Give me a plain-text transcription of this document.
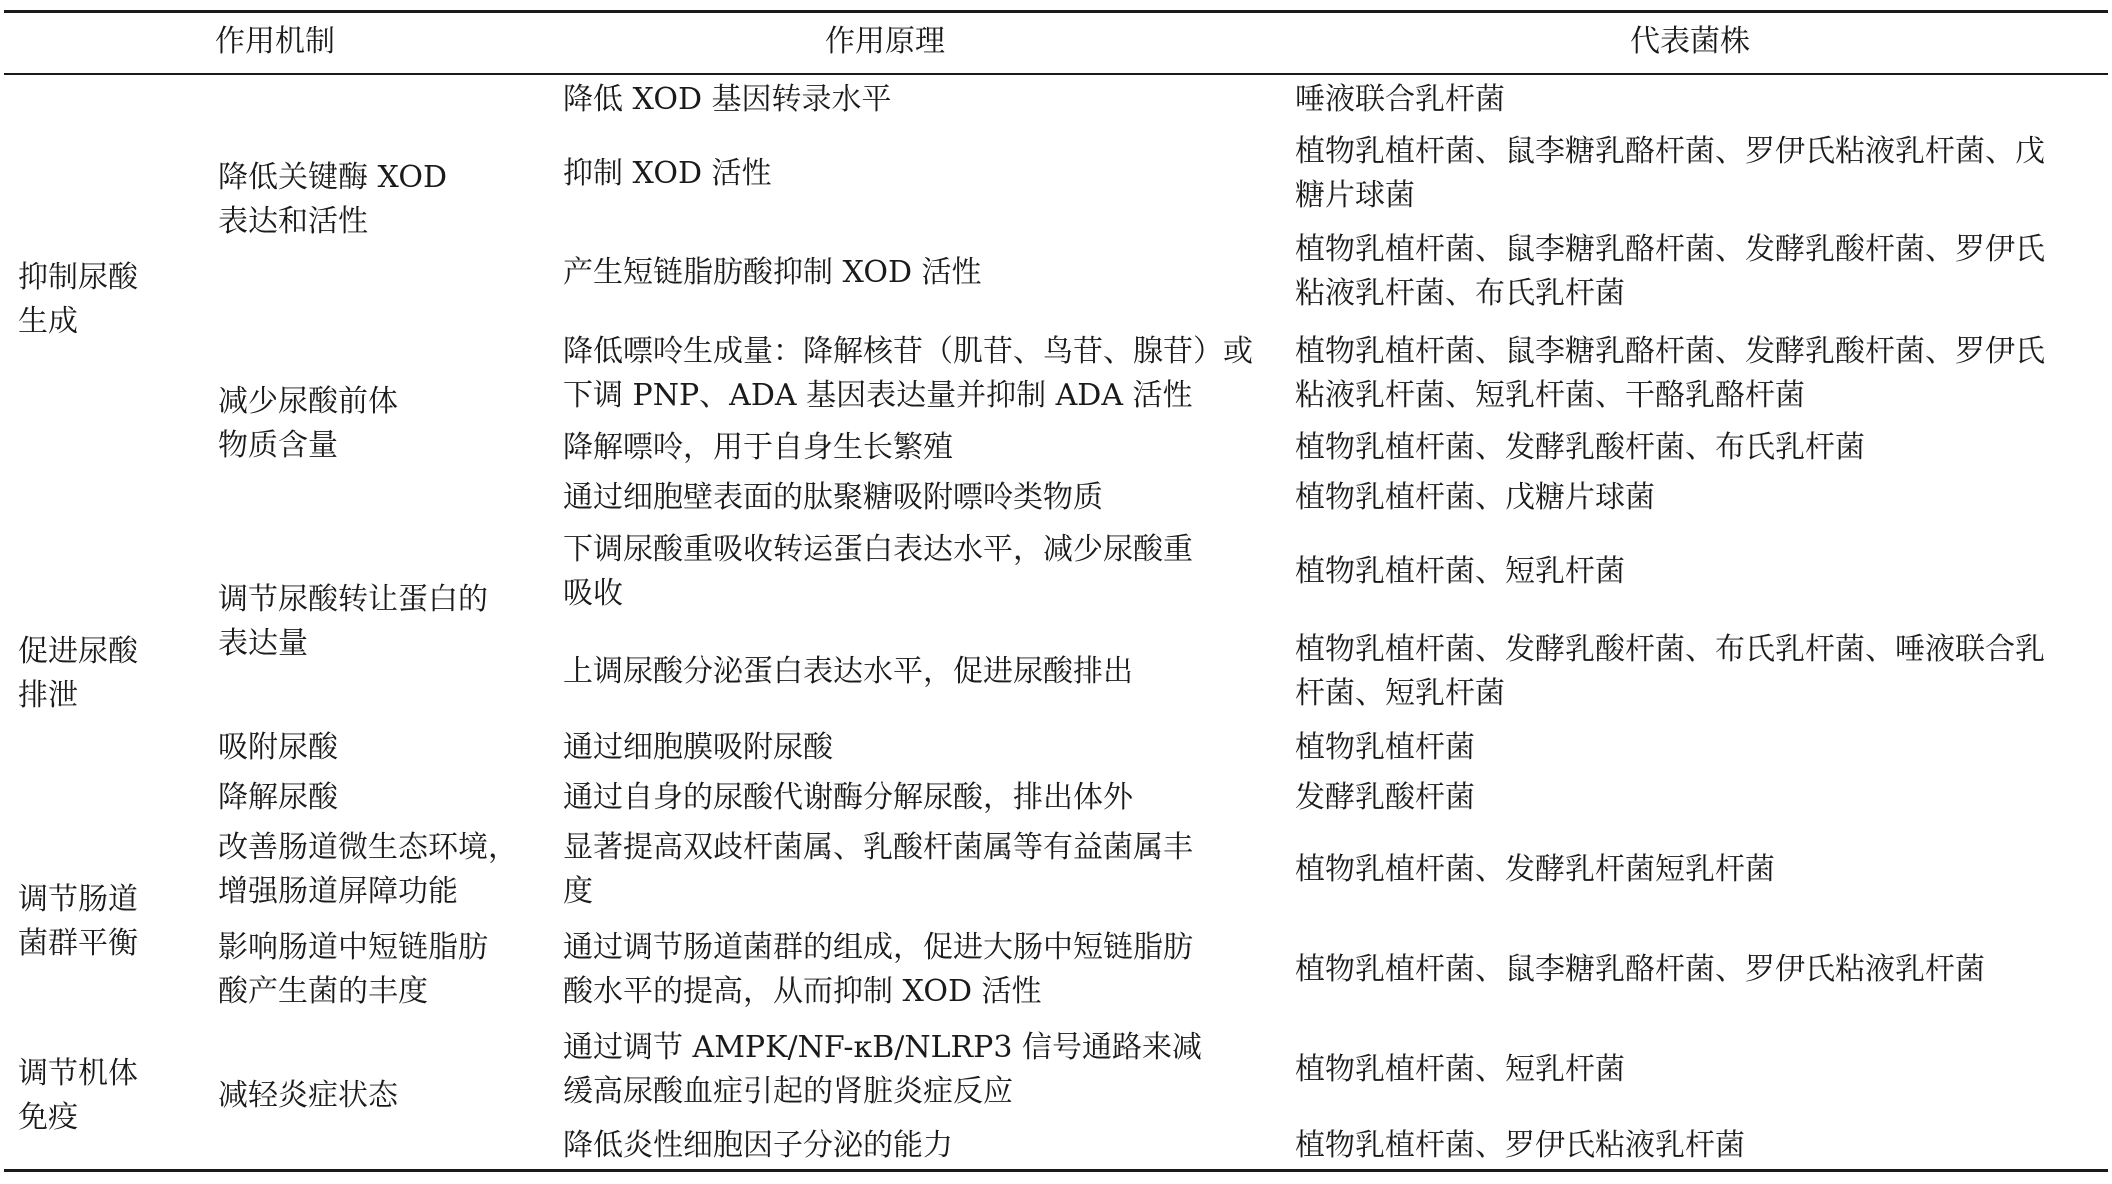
作用机制	作用原理	代表菌株

抑制尿酸

生成

促进尿酸

排泄

调节肠道

菌群平衡

调节机体

免疫

降低关键酶 XOD

表达和活性

减少尿酸前体

物质含量

调节尿酸转让蛋白的

表达量

吸附尿酸

降解尿酸

改善肠道微生态环境，

增强肠道屏障功能

影响肠道中短链脂肪

酸产生菌的丰度

减轻炎症状态

降低 XOD 基因转录水平

抑制 XOD 活性

产生短链脂肪酸抑制 XOD 活性

降低嘌呤生成量：降解核苷（肌苷、鸟苷、腺苷）或

下调 PNP、ADA 基因表达量并抑制 ADA 活性

降解嘌呤，用于自身生长繁殖

通过细胞壁表面的肽聚糖吸附嘌呤类物质

下调尿酸重吸收转运蛋白表达水平，减少尿酸重

吸收

上调尿酸分泌蛋白表达水平，促进尿酸排出

通过细胞膜吸附尿酸

通过自身的尿酸代谢酶分解尿酸，排出体外

显著提高双歧杆菌属、乳酸杆菌属等有益菌属丰

度

通过调节肠道菌群的组成，促进大肠中短链脂肪

酸水平的提高，从而抑制 XOD 活性

通过调节 AMPK/NF-κB/NLRP3 信号通路来减

缓高尿酸血症引起的肾脏炎症反应

降低炎性细胞因子分泌的能力

唾液联合乳杆菌

植物乳植杆菌、鼠李糖乳酪杆菌、罗伊氏粘液乳杆菌、戊

糖片球菌

植物乳植杆菌、鼠李糖乳酪杆菌、发酵乳酸杆菌、罗伊氏

粘液乳杆菌、布氏乳杆菌

植物乳植杆菌、鼠李糖乳酪杆菌、发酵乳酸杆菌、罗伊氏

粘液乳杆菌、短乳杆菌、干酪乳酪杆菌

植物乳植杆菌、发酵乳酸杆菌、布氏乳杆菌

植物乳植杆菌、戊糖片球菌

植物乳植杆菌、短乳杆菌

植物乳植杆菌、发酵乳酸杆菌、布氏乳杆菌、唾液联合乳

杆菌、短乳杆菌

植物乳植杆菌

发酵乳酸杆菌

植物乳植杆菌、发酵乳杆菌短乳杆菌

植物乳植杆菌、鼠李糖乳酪杆菌、罗伊氏粘液乳杆菌

植物乳植杆菌、短乳杆菌

植物乳植杆菌、罗伊氏粘液乳杆菌
